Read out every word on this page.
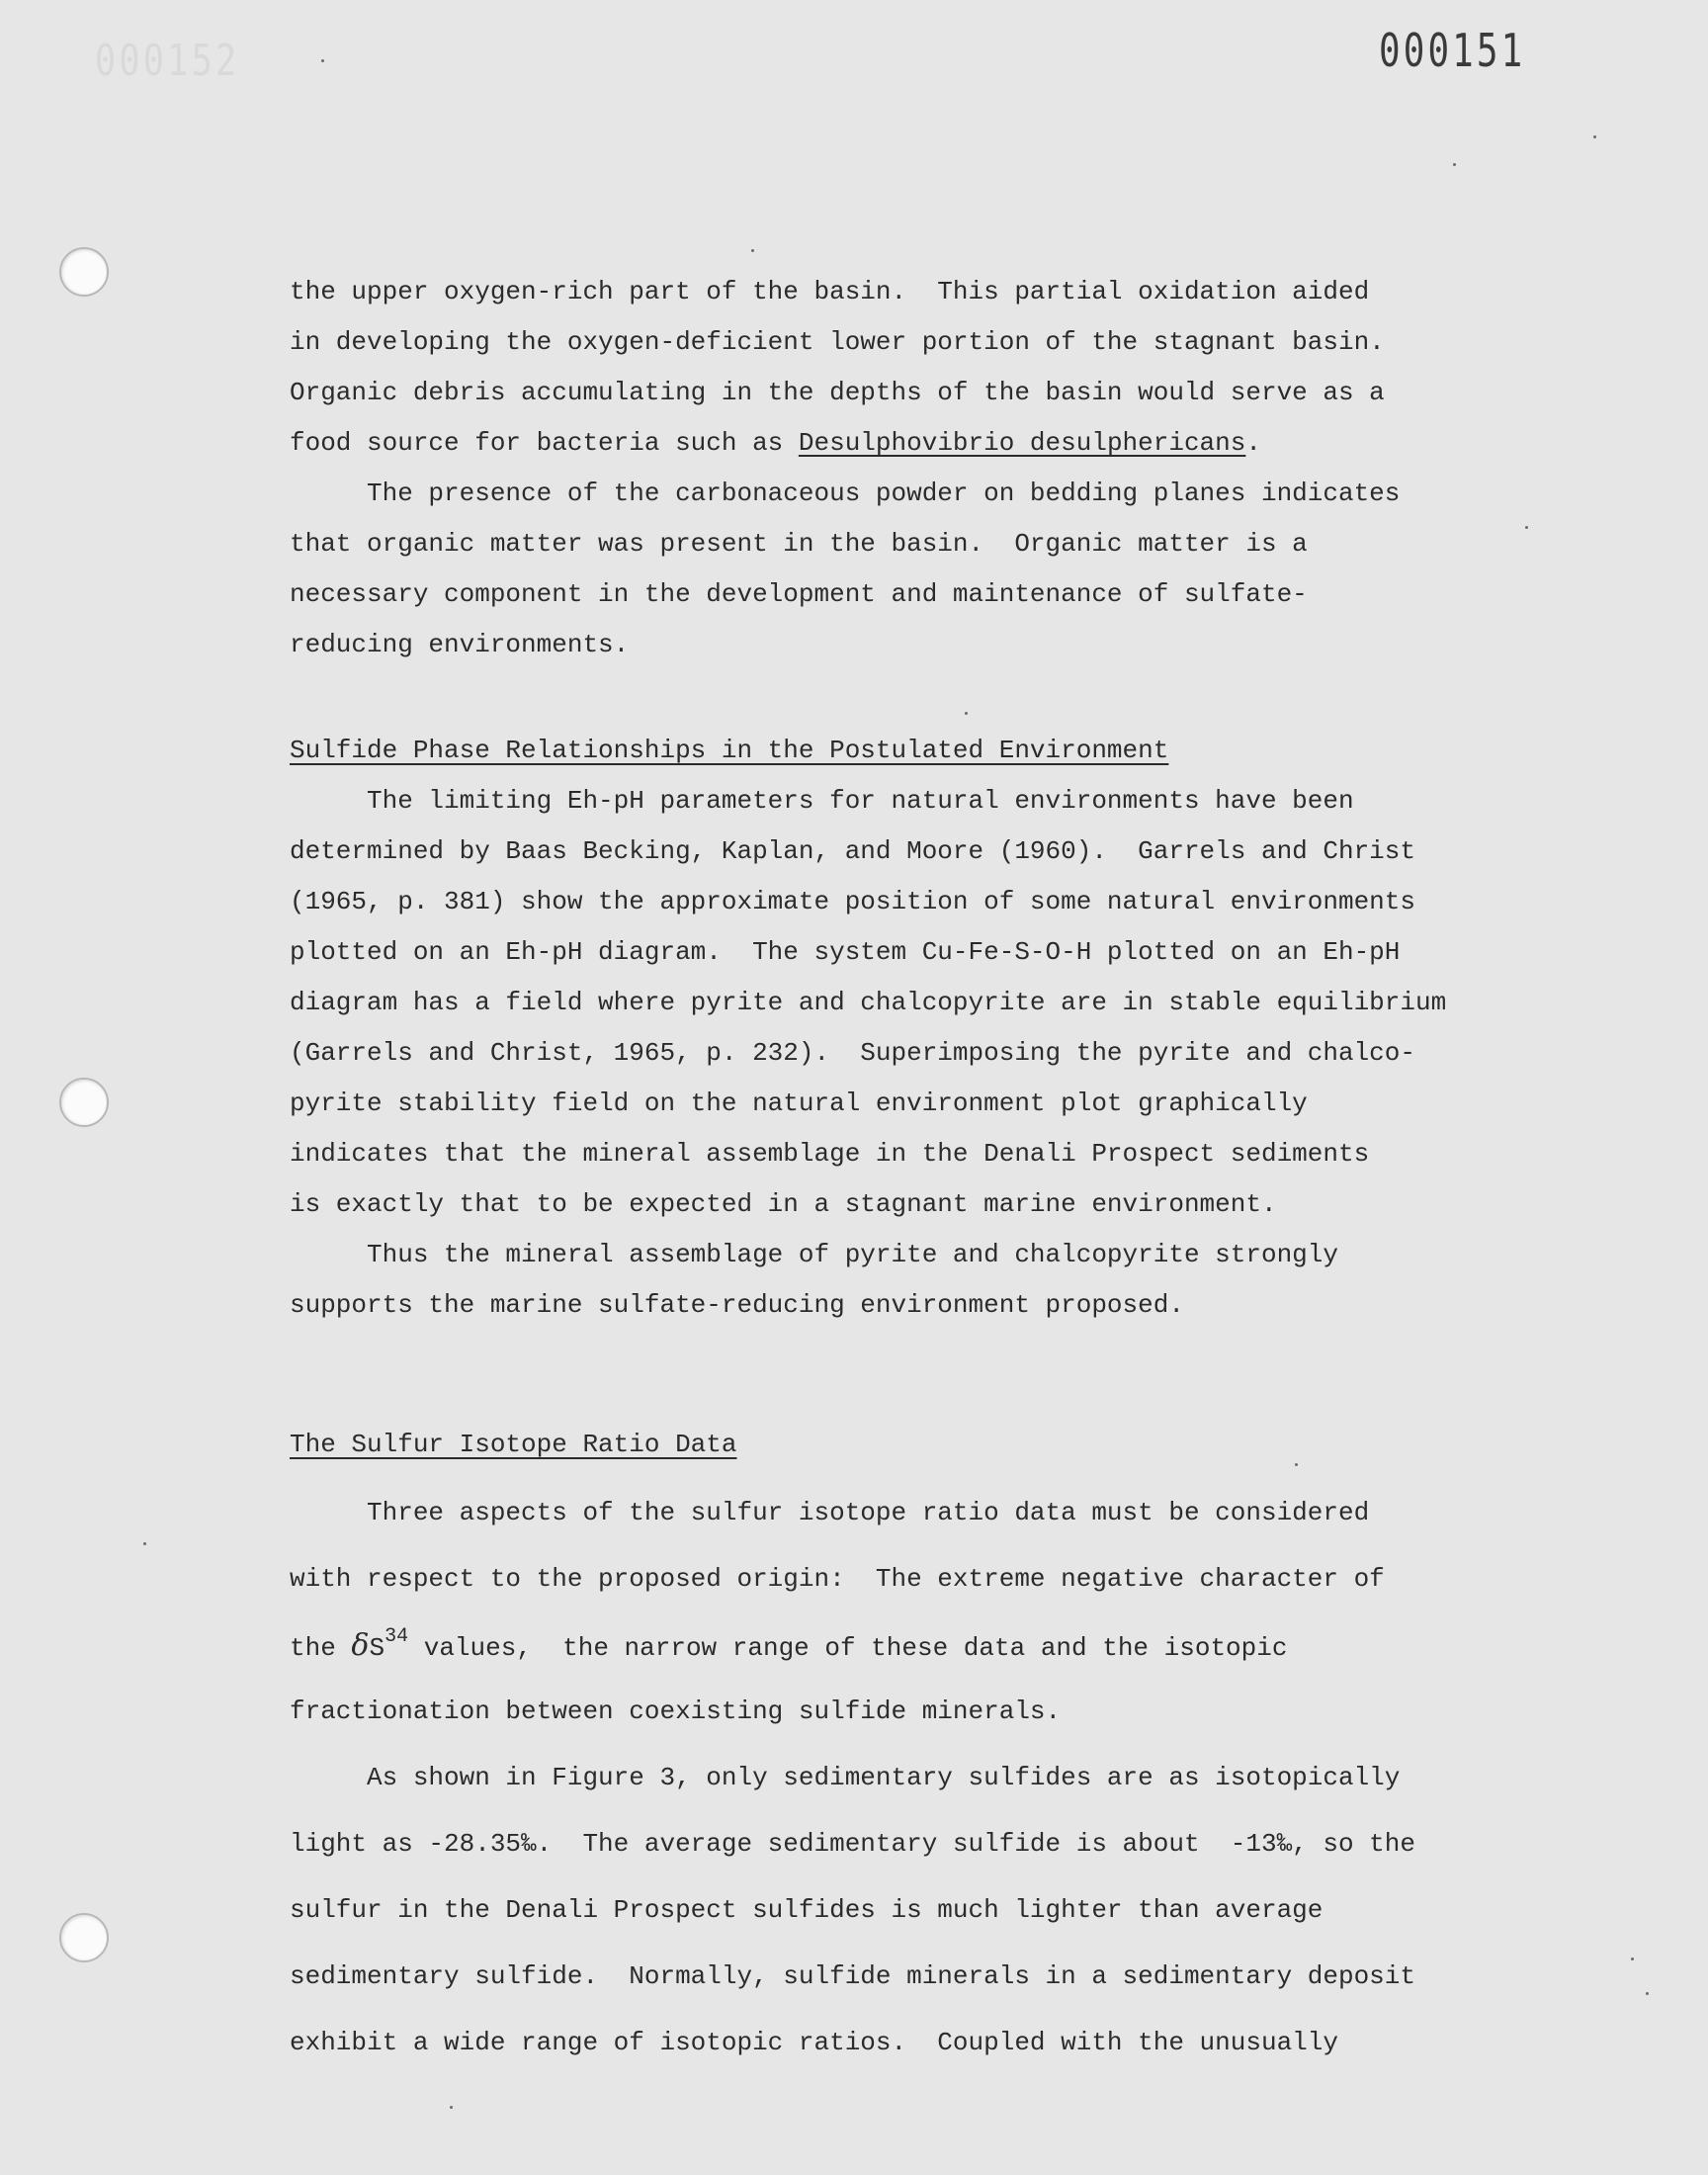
000152	000151
the upper oxygen-rich part of the basin.  This partial oxidation aided
in developing the oxygen-deficient lower portion of the stagnant basin.
Organic debris accumulating in the depths of the basin would serve as a
food source for bacteria such as Desulphovibrio desulphericans.
The presence of the carbonaceous powder on bedding planes indicates
that organic matter was present in the basin.  Organic matter is a
necessary component in the development and maintenance of sulfate-
reducing environments.
Sulfide Phase Relationships in the Postulated Environment
The limiting Eh-pH parameters for natural environments have been
determined by Baas Becking, Kaplan, and Moore (1960).  Garrels and Christ
(1965, p. 381) show the approximate position of some natural environments
plotted on an Eh-pH diagram.  The system Cu-Fe-S-O-H plotted on an Eh-pH
diagram has a field where pyrite and chalcopyrite are in stable equilibrium
(Garrels and Christ, 1965, p. 232).  Superimposing the pyrite and chalco-
pyrite stability field on the natural environment plot graphically
indicates that the mineral assemblage in the Denali Prospect sediments
is exactly that to be expected in a stagnant marine environment.
Thus the mineral assemblage of pyrite and chalcopyrite strongly
supports the marine sulfate-reducing environment proposed.
The Sulfur Isotope Ratio Data
Three aspects of the sulfur isotope ratio data must be considered
with respect to the proposed origin:  The extreme negative character of
the $\delta S^{34}$ values,  the narrow range of these data and the isotopic
fractionation between coexisting sulfide minerals.
As shown in Figure 3, only sedimentary sulfides are as isotopically
light as -28.35‰.  The average sedimentary sulfide is about  -13‰, so the
sulfur in the Denali Prospect sulfides is much lighter than average
sedimentary sulfide.  Normally, sulfide minerals in a sedimentary deposit
exhibit a wide range of isotopic ratios.  Coupled with the unusually
